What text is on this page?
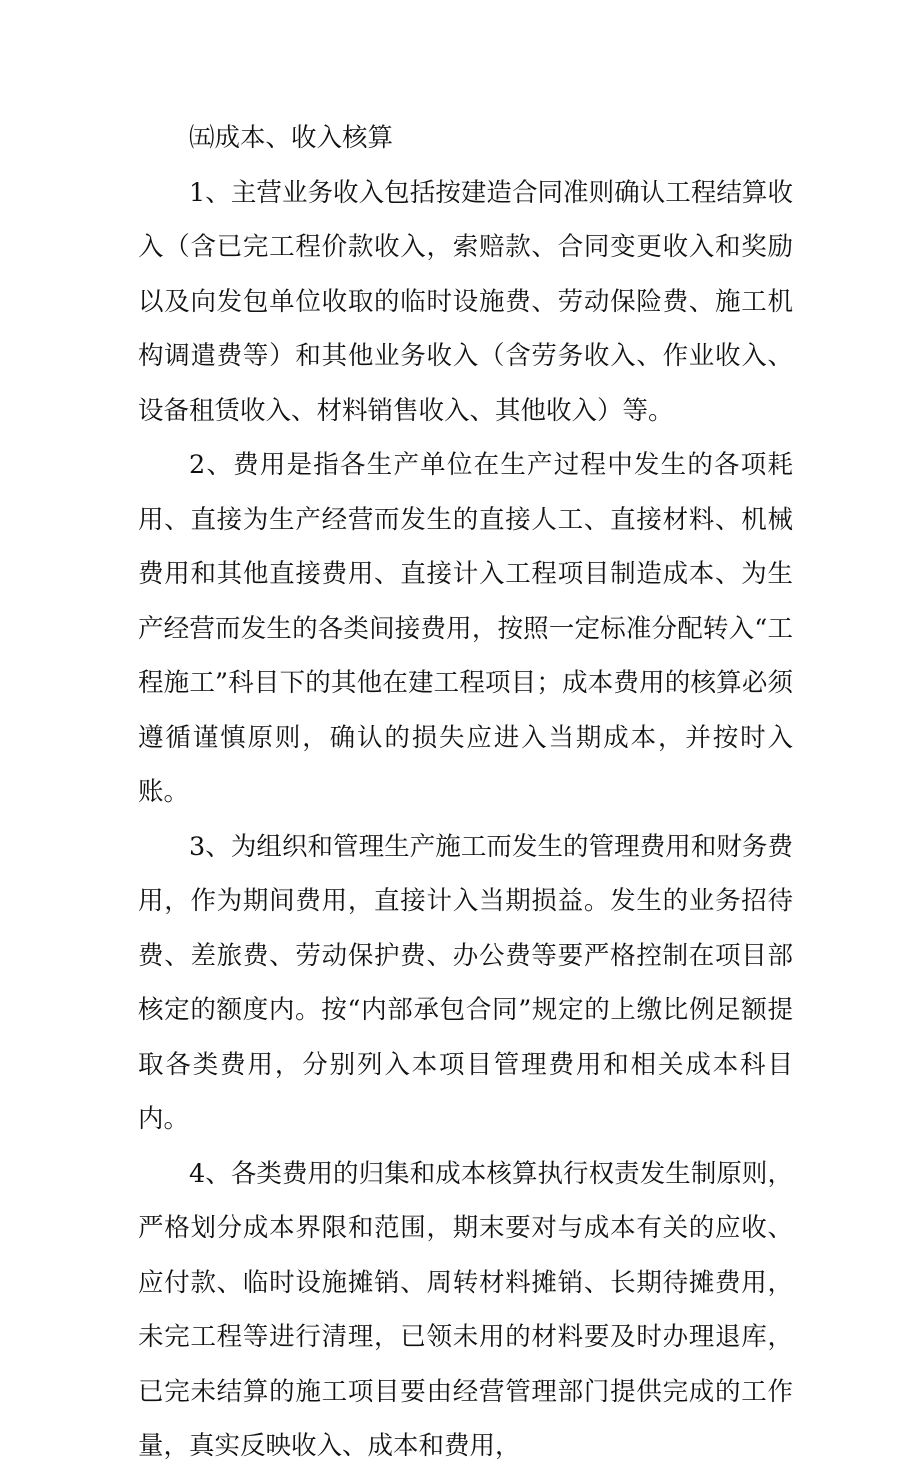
㈤成本、收入核算

1、主营业务收入包括按建造合同准则确认工程结算收入（含已完工程价款收入，索赔款、合同变更收入和奖励以及向发包单位收取的临时设施费、劳动保险费、施工机构调遣费等）和其他业务收入（含劳务收入、作业收入、设备租赁收入、材料销售收入、其他收入）等。

2、费用是指各生产单位在生产过程中发生的各项耗用、直接为生产经营而发生的直接人工、直接材料、机械费用和其他直接费用、直接计入工程项目制造成本、为生产经营而发生的各类间接费用，按照一定标准分配转入“工程施工”科目下的其他在建工程项目；成本费用的核算必须遵循谨慎原则，确认的损失应进入当期成本，并按时入账。

3、为组织和管理生产施工而发生的管理费用和财务费用，作为期间费用，直接计入当期损益。发生的业务招待费、差旅费、劳动保护费、办公费等要严格控制在项目部核定的额度内。按“内部承包合同”规定的上缴比例足额提取各类费用，分别列入本项目管理费用和相关成本科目内。

4、各类费用的归集和成本核算执行权责发生制原则，严格划分成本界限和范围，期末要对与成本有关的应收、应付款、临时设施摊销、周转材料摊销、长期待摊费用，未完工程等进行清理，已领未用的材料要及时办理退库，已完未结算的施工项目要由经营管理部门提供完成的工作量，真实反映收入、成本和费用，
